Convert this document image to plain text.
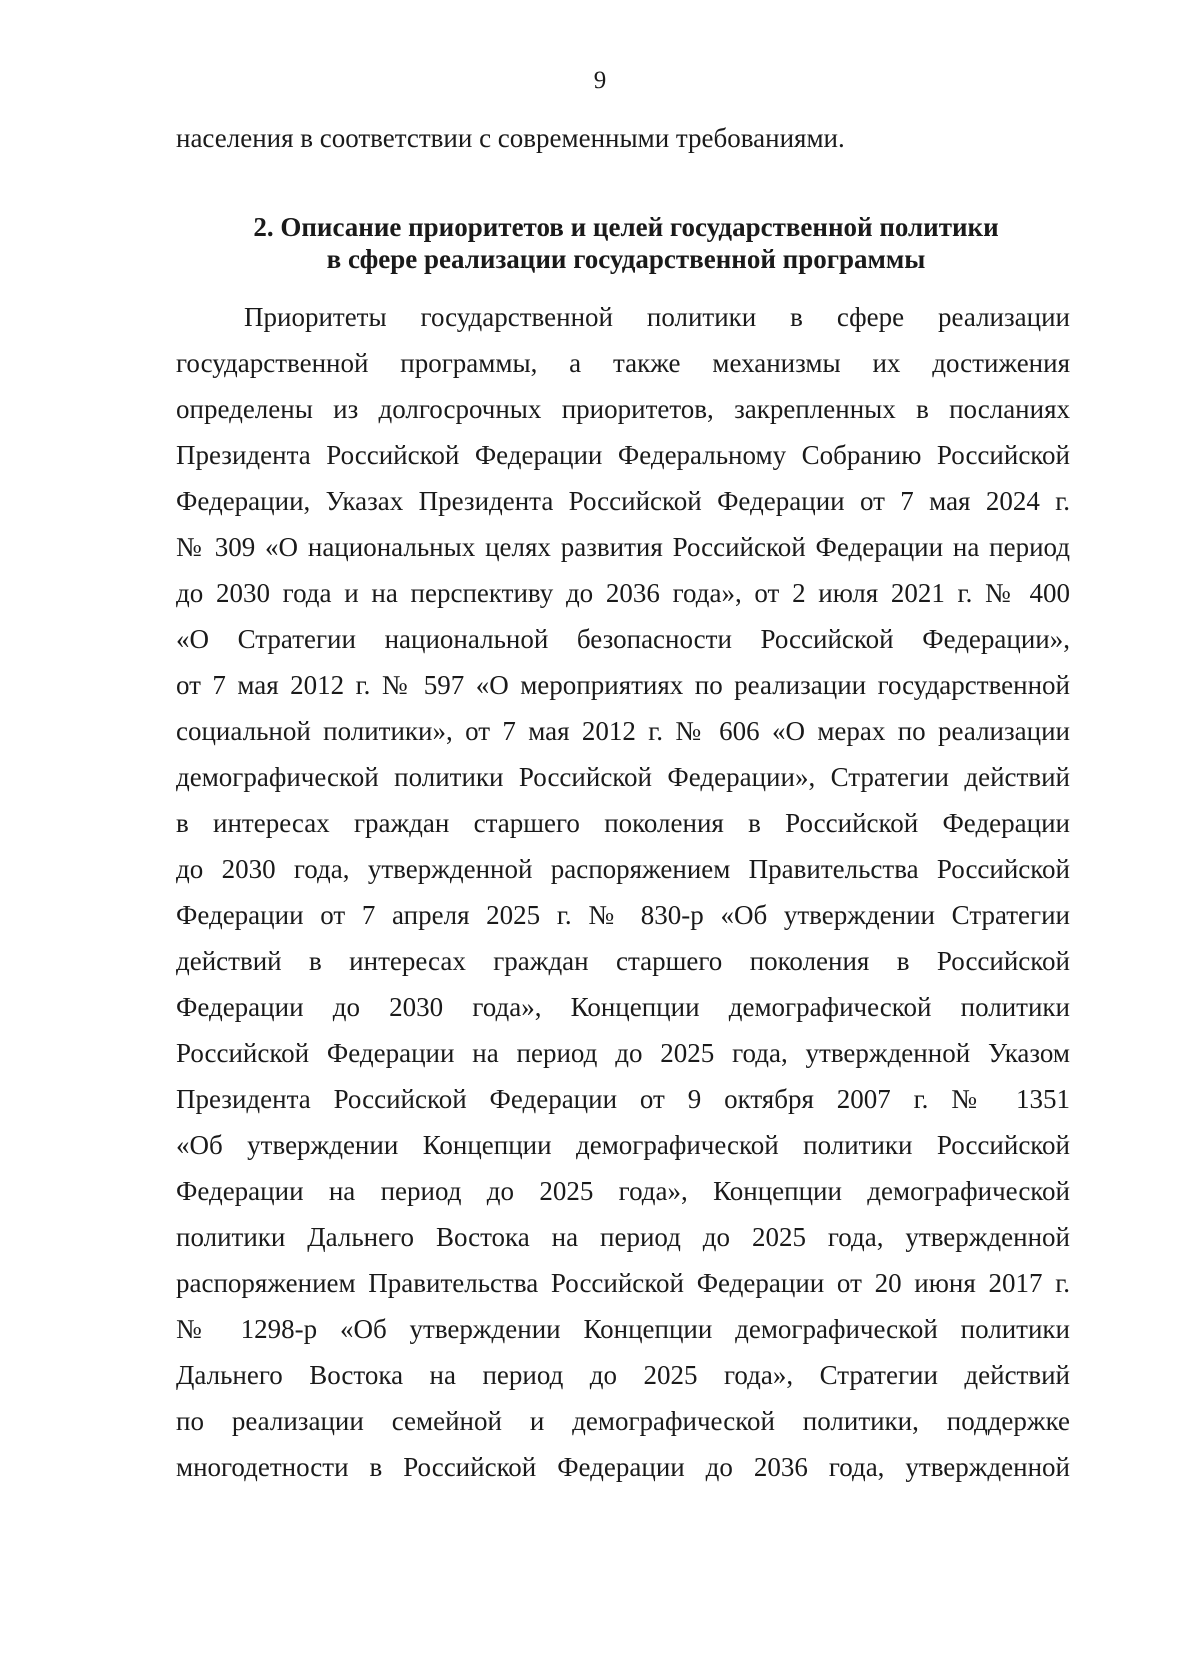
9
населения в соответствии с современными требованиями.
2. Описание приоритетов и целей государственной политики
в сфере реализации государственной программы
Приоритеты государственной политики в сфере реализации
государственной программы, а также механизмы их достижения
определены из долгосрочных приоритетов, закрепленных в посланиях
Президента Российской Федерации Федеральному Собранию Российской
Федерации, Указах Президента Российской Федерации от 7 мая 2024 г.
№ 309 «О национальных целях развития Российской Федерации на период
до 2030 года и на перспективу до 2036 года», от 2 июля 2021 г. № 400
«О Стратегии национальной безопасности Российской Федерации»,
от 7 мая 2012 г. № 597 «О мероприятиях по реализации государственной
социальной политики», от 7 мая 2012 г. № 606 «О мерах по реализации
демографической политики Российской Федерации», Стратегии действий
в интересах граждан старшего поколения в Российской Федерации
до 2030 года, утвержденной распоряжением Правительства Российской
Федерации от 7 апреля 2025 г. № 830-р «Об утверждении Стратегии
действий в интересах граждан старшего поколения в Российской
Федерации до 2030 года», Концепции демографической политики
Российской Федерации на период до 2025 года, утвержденной Указом
Президента Российской Федерации от 9 октября 2007 г. № 1351
«Об утверждении Концепции демографической политики Российской
Федерации на период до 2025 года», Концепции демографической
политики Дальнего Востока на период до 2025 года, утвержденной
распоряжением Правительства Российской Федерации от 20 июня 2017 г.
№ 1298-р «Об утверждении Концепции демографической политики
Дальнего Востока на период до 2025 года», Стратегии действий
по реализации семейной и демографической политики, поддержке
многодетности в Российской Федерации до 2036 года, утвержденной
